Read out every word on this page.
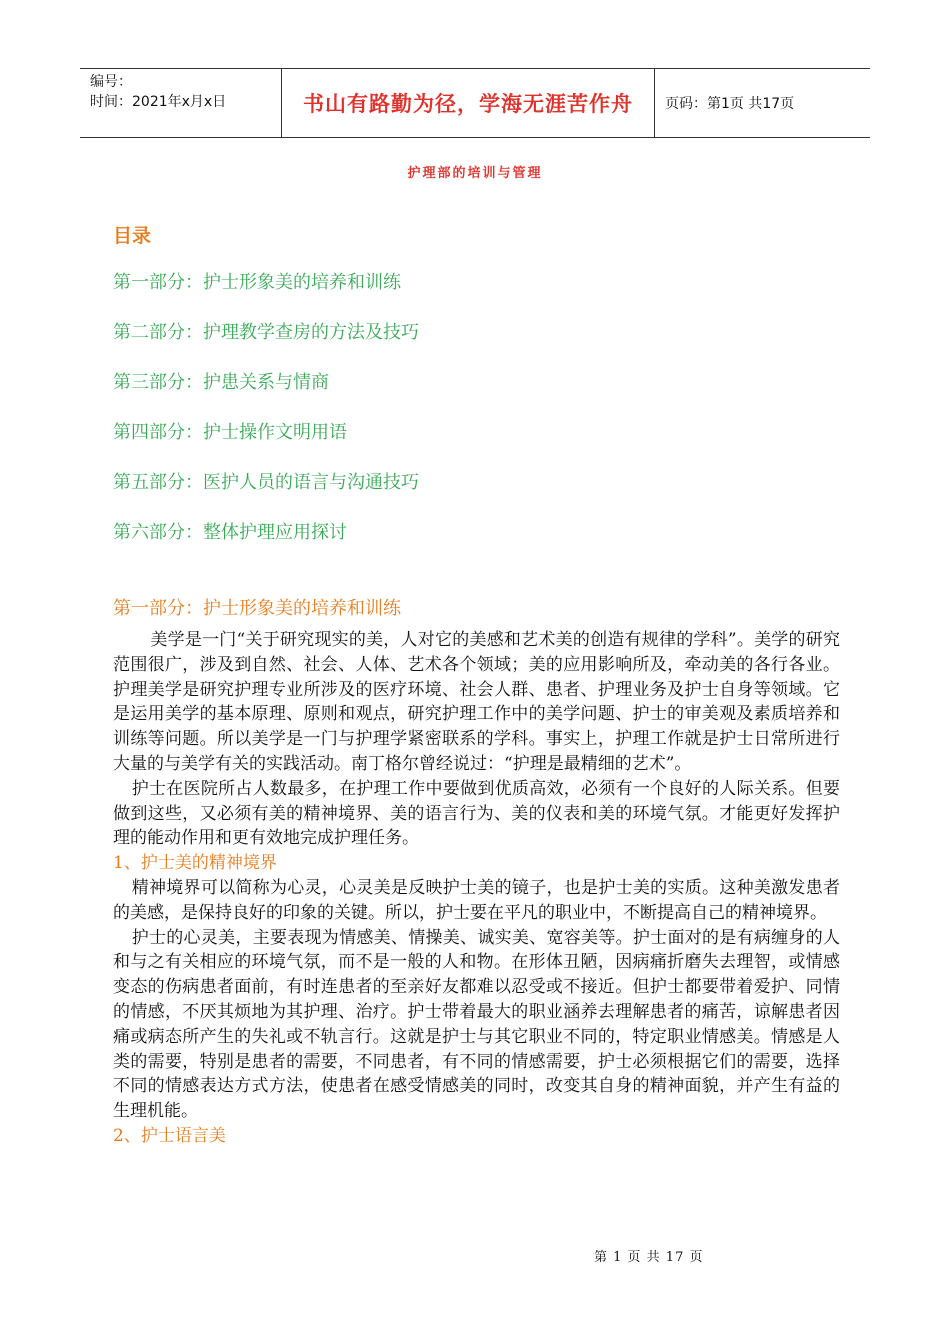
编号：
时间：2021年x月x日	书山有路勤为径，学海无涯苦作舟	页码：第1页 共17页
护理部的培训与管理
目录
第一部分：护士形象美的培养和训练
第二部分：护理教学查房的方法及技巧
第三部分：护患关系与情商
第四部分：护士操作文明用语
第五部分：医护人员的语言与沟通技巧
第六部分：整体护理应用探讨
第一部分：护士形象美的培养和训练

美学是一门“关于研究现实的美，人对它的美感和艺术美的创造有规律的学科”。美学的研究范围很广，涉及到自然、社会、人体、艺术各个领域；美的应用影响所及，牵动美的各行各业。护理美学是研究护理专业所涉及的医疗环境、社会人群、患者、护理业务及护士自身等领域。它是运用美学的基本原理、原则和观点，研究护理工作中的美学问题、护士的审美观及素质培养和训练等问题。所以美学是一门与护理学紧密联系的学科。事实上，护理工作就是护士日常所进行大量的与美学有关的实践活动。南丁格尔曾经说过：“护理是最精细的艺术”。

护士在医院所占人数最多，在护理工作中要做到优质高效，必须有一个良好的人际关系。但要做到这些，又必须有美的精神境界、美的语言行为、美的仪表和美的环境气氛。才能更好发挥护理的能动作用和更有效地完成护理任务。

1、护士美的精神境界

精神境界可以简称为心灵，心灵美是反映护士美的镜子，也是护士美的实质。这种美激发患者的美感，是保持良好的印象的关键。所以，护士要在平凡的职业中，不断提高自己的精神境界。

护士的心灵美，主要表现为情感美、情操美、诚实美、宽容美等。护士面对的是有病缠身的人和与之有关相应的环境气氛，而不是一般的人和物。在形体丑陋，因病痛折磨失去理智，或情感变态的伤病患者面前，有时连患者的至亲好友都难以忍受或不接近。但护士都要带着爱护、同情的情感，不厌其烦地为其护理、治疗。护士带着最大的职业涵养去理解患者的痛苦，谅解患者因痛或病态所产生的失礼或不轨言行。这就是护士与其它职业不同的，特定职业情感美。情感是人类的需要，特别是患者的需要，不同患者，有不同的情感需要，护士必须根据它们的需要，选择不同的情感表达方式方法，使患者在感受情感美的同时，改变其自身的精神面貌，并产生有益的生理机能。

2、护士语言美

第 1 页 共 17 页
